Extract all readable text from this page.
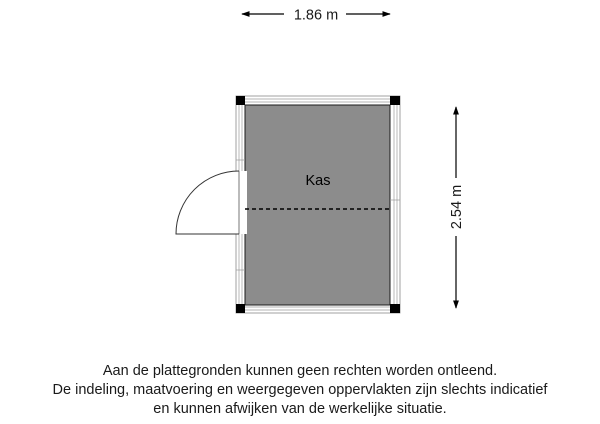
1.86 m
2.54 m
Kas
Aan de plattegronden kunnen geen rechten worden ontleend.
De indeling, maatvoering en weergegeven oppervlakten zijn slechts indicatief
en kunnen afwijken van de werkelijke situatie.
